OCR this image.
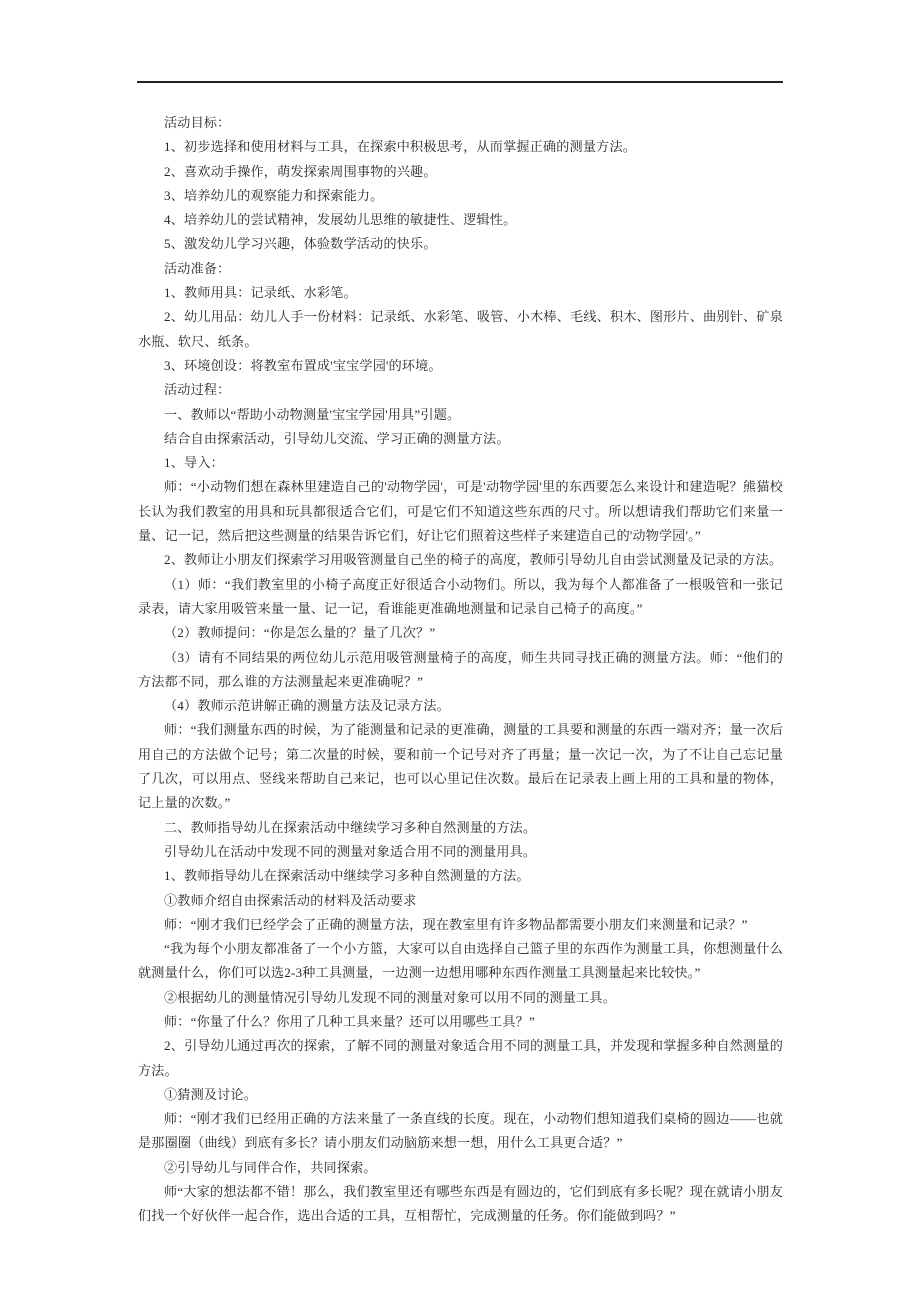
活动目标：

1、初步选择和使用材料与工具，在探索中积极思考，从而掌握正确的测量方法。

2、喜欢动手操作，萌发探索周围事物的兴趣。

3、培养幼儿的观察能力和探索能力。

4、培养幼儿的尝试精神，发展幼儿思维的敏捷性、逻辑性。

5、激发幼儿学习兴趣，体验数学活动的快乐。

活动准备：

1、教师用具：记录纸、水彩笔。

2、幼儿用品：幼儿人手一份材料：记录纸、水彩笔、吸管、小木棒、毛线、积木、图形片、曲别针、矿泉水瓶、软尺、纸条。

3、环境创设：将教室布置成'宝宝学园'的环境。

活动过程：

一、教师以“帮助小动物测量'宝宝学园'用具”引题。

结合自由探索活动，引导幼儿交流、学习正确的测量方法。

1、导入：

师：“小动物们想在森林里建造自己的'动物学园'，可是'动物学园'里的东西要怎么来设计和建造呢？熊猫校长认为我们教室的用具和玩具都很适合它们，可是它们不知道这些东西的尺寸。所以想请我们帮助它们来量一量、记一记，然后把这些测量的结果告诉它们，好让它们照着这些样子来建造自己的'动物学园'。”

2、教师让小朋友们探索学习用吸管测量自己坐的椅子的高度，教师引导幼儿自由尝试测量及记录的方法。

（1）师：“我们教室里的小椅子高度正好很适合小动物们。所以，我为每个人都准备了一根吸管和一张记录表，请大家用吸管来量一量、记一记，看谁能更准确地测量和记录自己椅子的高度。”

（2）教师提问：“你是怎么量的？量了几次？”

（3）请有不同结果的两位幼儿示范用吸管测量椅子的高度，师生共同寻找正确的测量方法。师：“他们的方法都不同，那么谁的方法测量起来更准确呢？”

（4）教师示范讲解正确的测量方法及记录方法。

师：“我们测量东西的时候，为了能测量和记录的更准确，测量的工具要和测量的东西一端对齐；量一次后用自己的方法做个记号；第二次量的时候，要和前一个记号对齐了再量；量一次记一次，为了不让自己忘记量了几次，可以用点、竖线来帮助自己来记，也可以心里记住次数。最后在记录表上画上用的工具和量的物体，记上量的次数。”

二、教师指导幼儿在探索活动中继续学习多种自然测量的方法。

引导幼儿在活动中发现不同的测量对象适合用不同的测量用具。

1、教师指导幼儿在探索活动中继续学习多种自然测量的方法。

①教师介绍自由探索活动的材料及活动要求

师：“刚才我们已经学会了正确的测量方法，现在教室里有许多物品都需要小朋友们来测量和记录？”

“我为每个小朋友都准备了一个小方篮，大家可以自由选择自己篮子里的东西作为测量工具，你想测量什么就测量什么，你们可以选2-3种工具测量，一边测一边想用哪种东西作测量工具测量起来比较快。”

②根据幼儿的测量情况引导幼儿发现不同的测量对象可以用不同的测量工具。

师：“你量了什么？你用了几种工具来量？还可以用哪些工具？”

2、引导幼儿通过再次的探索，了解不同的测量对象适合用不同的测量工具，并发现和掌握多种自然测量的方法。

①猜测及讨论。

师：“刚才我们已经用正确的方法来量了一条直线的长度。现在，小动物们想知道我们桌椅的圆边——也就是那圈圈（曲线）到底有多长？请小朋友们动脑筋来想一想，用什么工具更合适？”

②引导幼儿与同伴合作，共同探索。

师“大家的想法都不错！那么，我们教室里还有哪些东西是有圆边的，它们到底有多长呢？现在就请小朋友们找一个好伙伴一起合作，选出合适的工具，互相帮忙，完成测量的任务。你们能做到吗？”
